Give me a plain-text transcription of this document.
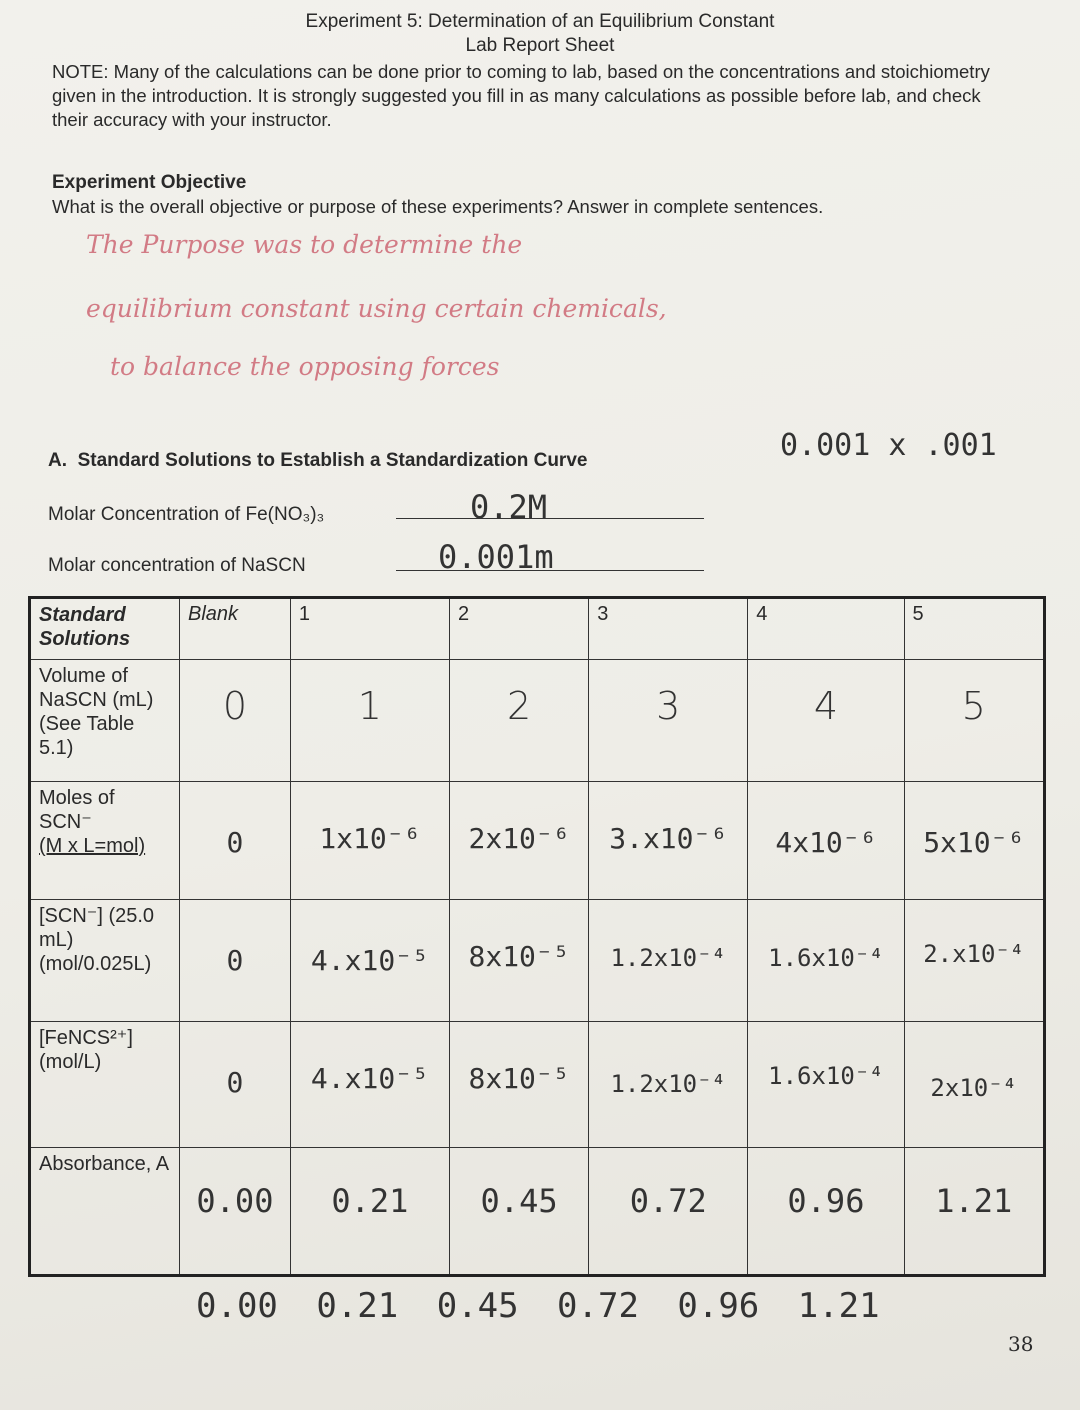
Experiment 5: Determination of an Equilibrium Constant
Lab Report Sheet
NOTE: Many of the calculations can be done prior to coming to lab, based on the concentrations and stoichiometry given in the introduction. It is strongly suggested you fill in as many calculations as possible before lab, and check their accuracy with your instructor.
Experiment Objective
What is the overall objective or purpose of these experiments? Answer in complete sentences.
The Purpose was to determine the
equilibrium constant using certain chemicals,
to balance the opposing forces
A. Standard Solutions to Establish a Standardization Curve	0.001 x .001
Molar Concentration of Fe(NO₃)₃	0.2M
Molar concentration of NaSCN	0.001m
Standard Solutions	Blank	1	2	3	4	5
Volume of NaSCN (mL) (See Table 5.1)	0	1	2	3	4	5

Moles of SCN⁻
(M x L=mol)	0	1x10⁻⁶	2x10⁻⁶	3.x10⁻⁶	4x10⁻⁶	5x10⁻⁶

[SCN⁻] (25.0 mL) (mol/0.025L)	0	4.x10⁻⁵	8x10⁻⁵	1.2x10⁻⁴	1.6x10⁻⁴	2.x10⁻⁴

[FeNCS²⁺] (mol/L)	0	4.x10⁻⁵	8x10⁻⁵	1.2x10⁻⁴	1.6x10⁻⁴	2x10⁻⁴

Absorbance, A	0.00	0.21	0.45	0.72	0.96	1.21
0.00 0.21 0.45 0.72 0.96 1.21
38
